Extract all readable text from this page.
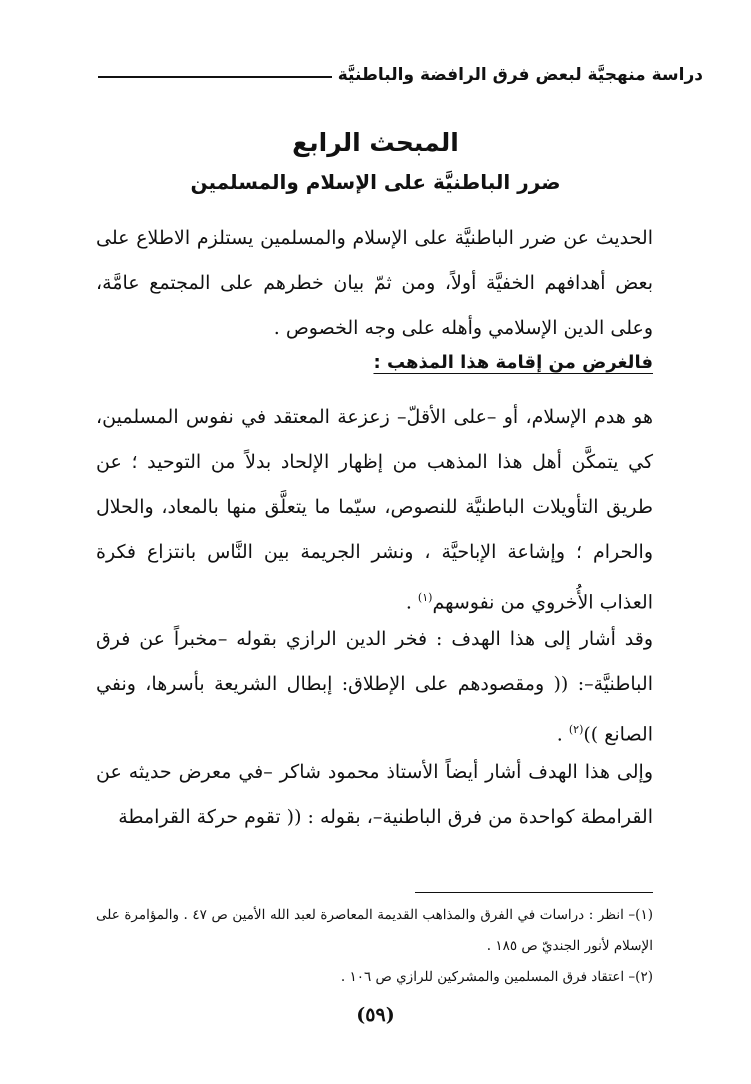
دراسة منهجيَّة لبعض فرق الرافضة والباطنيَّة
المبحث الرابع
ضرر الباطنيَّة على الإسلام والمسلمين

الحديث عن ضرر الباطنيَّة على الإسلام والمسلمين يستلزم الاطلاع على بعض أهدافهم الخفيَّة أولاً، ومن ثمّ بيان خطرهم على المجتمع عامَّة، وعلى الدين الإسلامي وأهله على وجه الخصوص .

فالغرض من إقامة هذا المذهب :

هو هدم الإسلام، أو –على الأقلّ– زعزعة المعتقد في نفوس المسلمين، كي يتمكَّن أهل هذا المذهب من إظهار الإلحاد بدلاً من التوحيد ؛ عن طريق التأويلات الباطنيَّة للنصوص، سيّما ما يتعلَّق منها بالمعاد، والحلال والحرام ؛ وإشاعة الإباحيَّة ، ونشر الجريمة بين النَّاس بانتزاع فكرة العذاب الأُخروي من نفوسهم$^{(١)}$ .

وقد أشار إلى هذا الهدف : فخر الدين الرازي بقوله –مخبراً عن فرق الباطنيَّة–: (( ومقصودهم على الإطلاق: إبطال الشريعة بأسرها، ونفي الصانع ))$^{(٢)}$ .

وإلى هذا الهدف أشار أيضاً الأستاذ محمود شاكر –في معرض حديثه عن القرامطة كواحدة من فرق الباطنية–، بقوله : (( تقوم حركة القرامطة

(١)– انظر : دراسات في الفرق والمذاهب القديمة المعاصرة لعبد الله الأمين ص ٤٧ . والمؤامرة على الإسلام لأنور الجنديّ ص ١٨٥ .

(٢)– اعتقاد فرق المسلمين والمشركين للرازي ص ١٠٦ .

(٥٩)
